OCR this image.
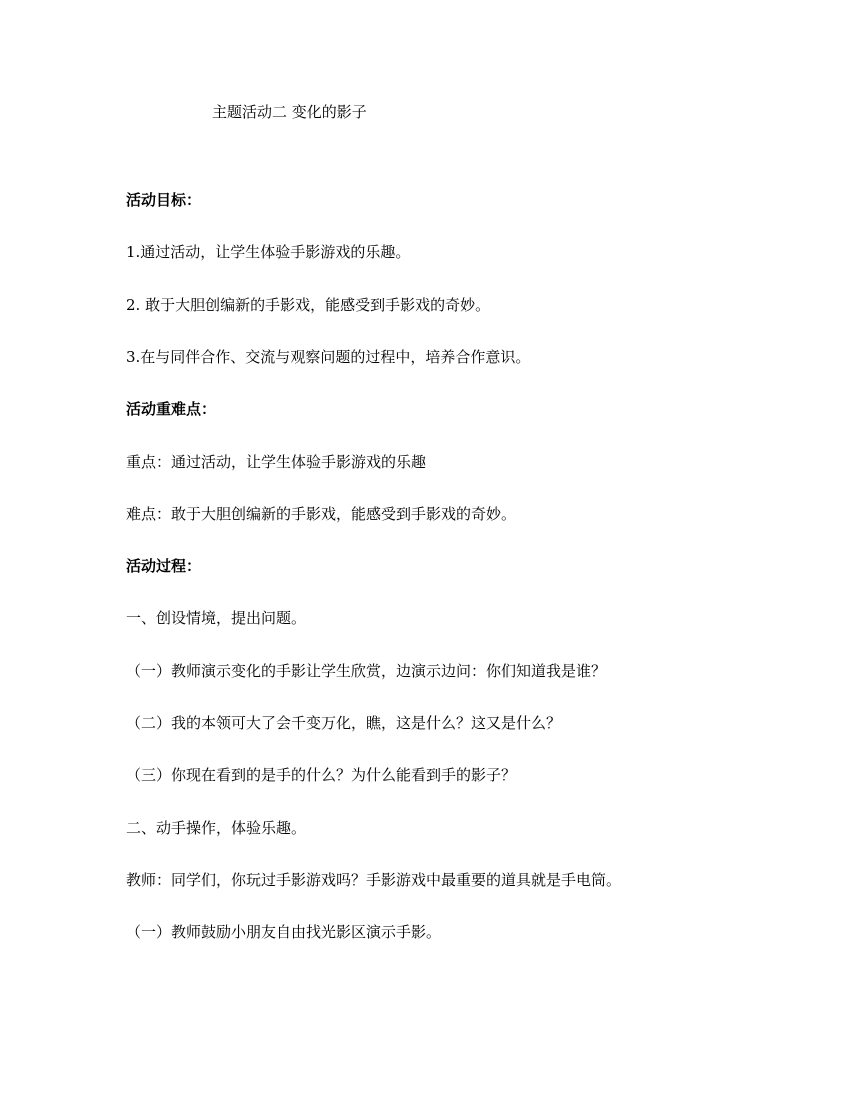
主题活动二 变化的影子
活动目标：
1.通过活动，让学生体验手影游戏的乐趣。
2. 敢于大胆创编新的手影戏，能感受到手影戏的奇妙。
3.在与同伴合作、交流与观察问题的过程中，培养合作意识。
活动重难点：
重点：通过活动，让学生体验手影游戏的乐趣
难点：敢于大胆创编新的手影戏，能感受到手影戏的奇妙。
活动过程：
一、创设情境，提出问题。
（一）教师演示变化的手影让学生欣赏，边演示边问：你们知道我是谁？
（二）我的本领可大了会千变万化，瞧，这是什么？这又是什么？
（三）你现在看到的是手的什么？为什么能看到手的影子？
二、动手操作，体验乐趣。
教师：同学们，你玩过手影游戏吗？手影游戏中最重要的道具就是手电筒。
（一）教师鼓励小朋友自由找光影区演示手影。
